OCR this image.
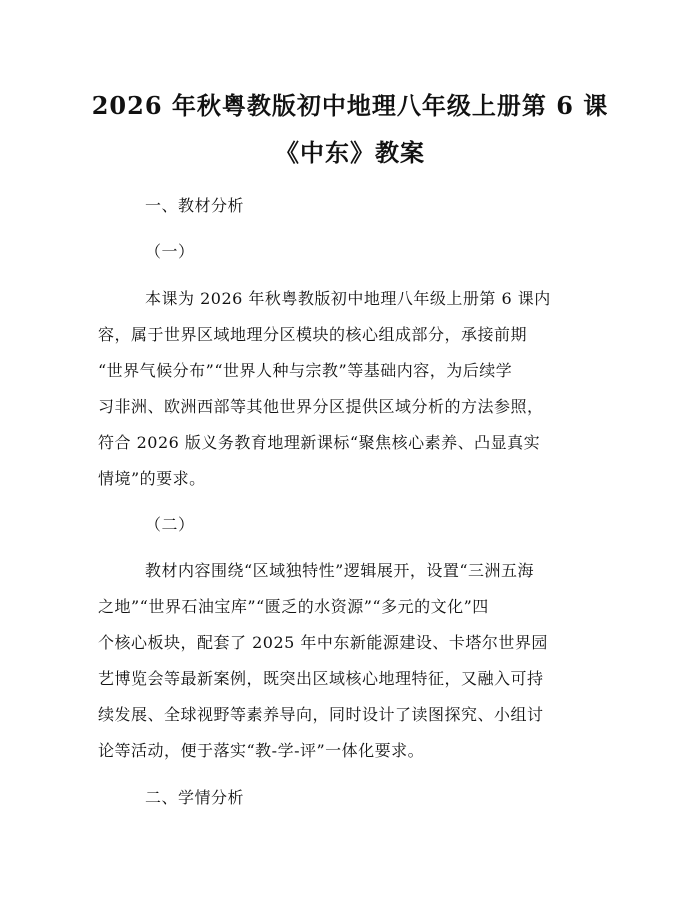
2026 年秋粤教版初中地理八年级上册第 6 课
《中东》教案
一、教材分析
（一）
本课为 2026 年秋粤教版初中地理八年级上册第 6 课内
容，属于世界区域地理分区模块的核心组成部分，承接前期
“世界气候分布”“世界人种与宗教”等基础内容，为后续学
习非洲、欧洲西部等其他世界分区提供区域分析的方法参照，
符合 2026 版义务教育地理新课标“聚焦核心素养、凸显真实
情境”的要求。
（二）
教材内容围绕“区域独特性”逻辑展开，设置“三洲五海
之地”“世界石油宝库”“匮乏的水资源”“多元的文化”四
个核心板块，配套了 2025 年中东新能源建设、卡塔尔世界园
艺博览会等最新案例，既突出区域核心地理特征，又融入可持
续发展、全球视野等素养导向，同时设计了读图探究、小组讨
论等活动，便于落实“教-学-评”一体化要求。
二、学情分析
